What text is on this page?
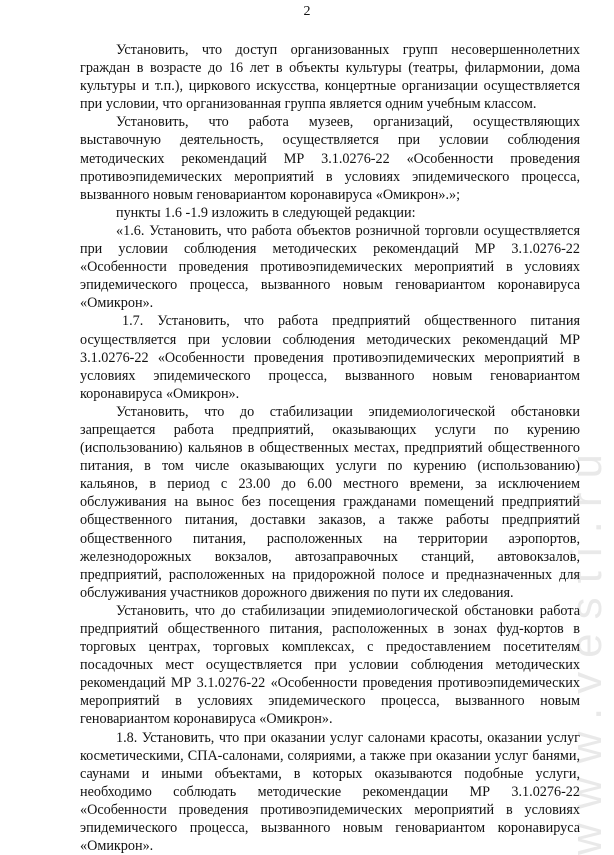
2

Установить, что доступ организованных групп несовершеннолетних граждан в возрасте до 16 лет в объекты культуры (театры, филармонии, дома культуры и т.п.), циркового искусства, концертные организации осуществляется при условии, что организованная группа является одним учебным классом.

Установить, что работа музеев, организаций, осуществляющих выставочную деятельность, осуществляется при условии соблюдения методических рекомендаций МР 3.1.0276-22 «Особенности проведения противоэпидемических мероприятий в условиях эпидемического процесса, вызванного новым геновариантом коронавируса «Омикрон».»;

пункты 1.6 -1.9 изложить в следующей редакции:

«1.6. Установить, что работа объектов розничной торговли осуществляется при условии соблюдения методических рекомендаций МР 3.1.0276-22 «Особенности проведения противоэпидемических мероприятий в условиях эпидемического процесса, вызванного новым геновариантом коронавируса «Омикрон».

1.7. Установить, что работа предприятий общественного питания осуществляется при условии соблюдения методических рекомендаций МР 3.1.0276-22 «Особенности проведения противоэпидемических мероприятий в условиях эпидемического процесса, вызванного новым геновариантом коронавируса «Омикрон».

Установить, что до стабилизации эпидемиологической обстановки запрещается работа предприятий, оказывающих услуги по курению (использованию) кальянов в общественных местах, предприятий общественного питания, в том числе оказывающих услуги по курению (использованию) кальянов, в период с 23.00 до 6.00 местного времени, за исключением обслуживания на вынос без посещения гражданами помещений предприятий общественного питания, доставки заказов, а также работы предприятий общественного питания, расположенных на территории аэропортов, железнодорожных вокзалов, автозаправочных станций, автовокзалов, предприятий, расположенных на придорожной полосе и предназначенных для обслуживания участников дорожного движения по пути их следования.

Установить, что до стабилизации эпидемиологической обстановки работа предприятий общественного питания, расположенных в зонах фуд-кортов в торговых центрах, торговых комплексах, с предоставлением посетителям посадочных мест осуществляется при условии соблюдения методических рекомендаций МР 3.1.0276-22 «Особенности проведения противоэпидемических мероприятий в условиях эпидемического процесса, вызванного новым геновариантом коронавируса «Омикрон».

1.8. Установить, что при оказании услуг салонами красоты, оказании услуг косметическими, СПА-салонами, соляриями, а также при оказании услуг банями, саунами и иными объектами, в которых оказываются подобные услуги, необходимо соблюдать методические рекомендации МР 3.1.0276-22 «Особенности проведения противоэпидемических мероприятий в условиях эпидемического процесса, вызванного новым геновариантом коронавируса «Омикрон».	www.vesti.ru
